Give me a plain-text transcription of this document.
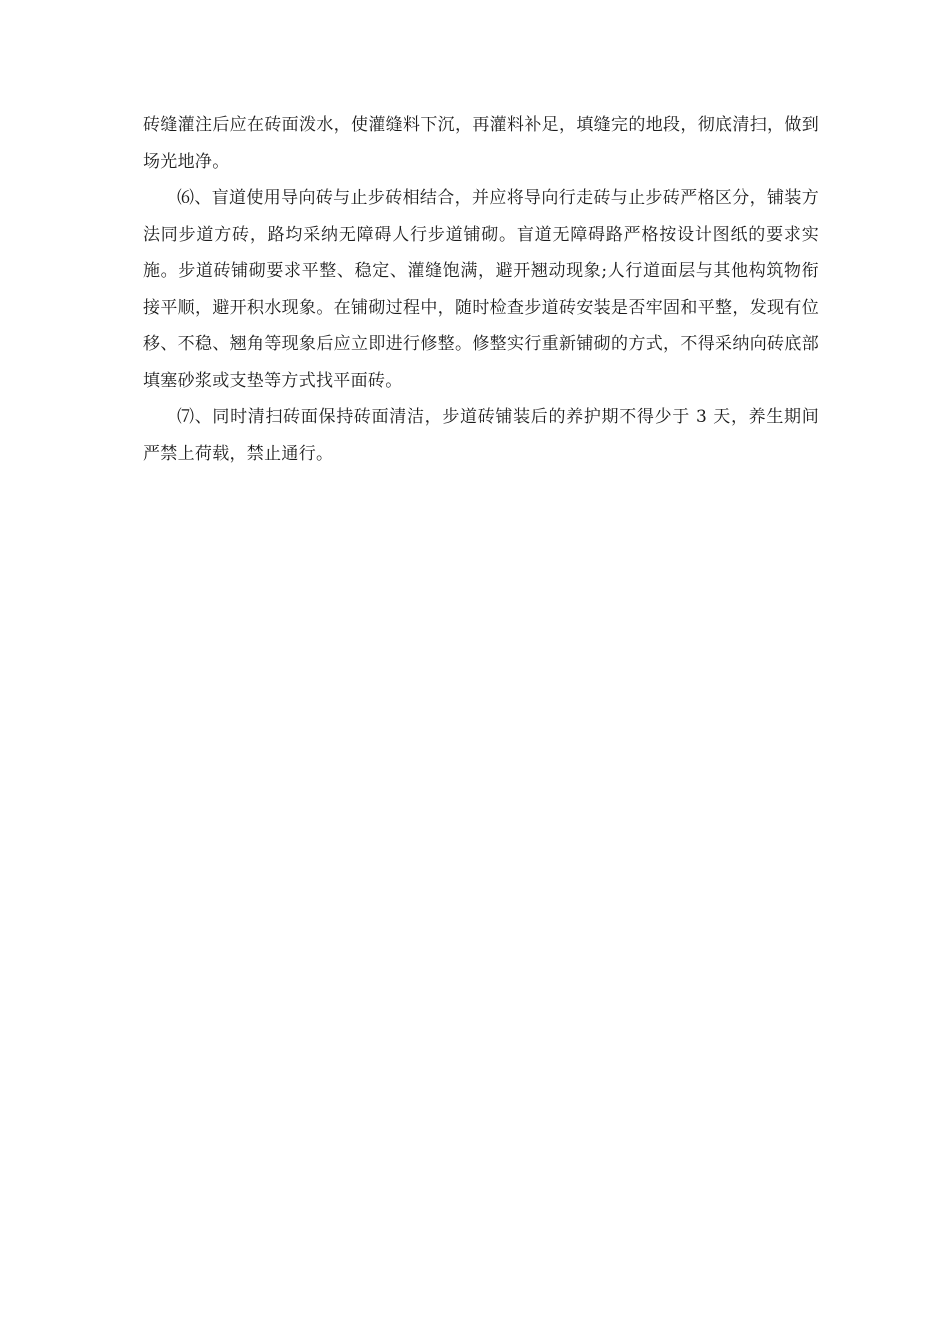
砖缝灌注后应在砖面泼水，使灌缝料下沉，再灌料补足，填缝完的地段，彻底清扫，做到场光地净。

⑹、盲道使用导向砖与止步砖相结合，并应将导向行走砖与止步砖严格区分，铺装方法同步道方砖，路均采纳无障碍人行步道铺砌。盲道无障碍路严格按设计图纸的要求实施。步道砖铺砌要求平整、稳定、灌缝饱满，避开翘动现象;人行道面层与其他构筑物衔接平顺，避开积水现象。在铺砌过程中，随时检查步道砖安装是否牢固和平整，发现有位移、不稳、翘角等现象后应立即进行修整。修整实行重新铺砌的方式，不得采纳向砖底部填塞砂浆或支垫等方式找平面砖。

⑺、同时清扫砖面保持砖面清洁，步道砖铺装后的养护期不得少于 3 天，养生期间严禁上荷载，禁止通行。
